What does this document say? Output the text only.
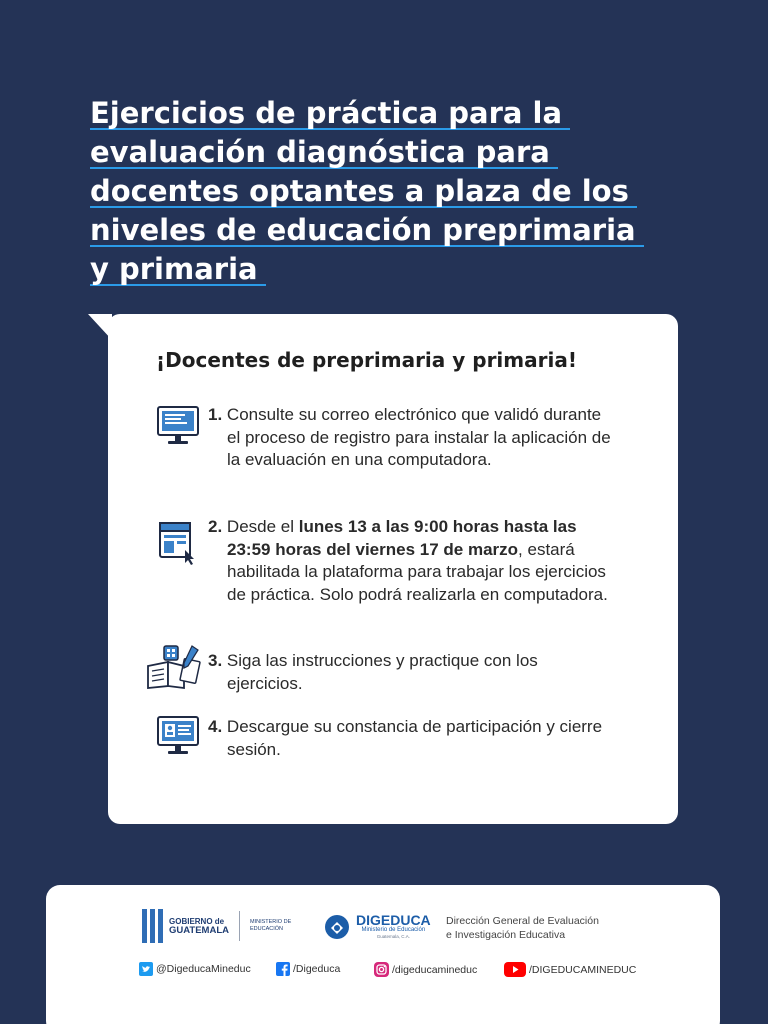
Ejercicios de práctica para la
evaluación diagnóstica para
docentes optantes a plaza de los
niveles de educación preprimaria
y primaria
¡Docentes de preprimaria y primaria!
1. Consulte su correo electrónico que validó durante el proceso de registro para instalar la aplicación de la evaluación en una computadora.
2. Desde el lunes 13 a las 9:00 horas hasta las 23:59 horas del viernes 17 de marzo, estará habilitada la plataforma para trabajar los ejercicios de práctica. Solo podrá realizarla en computadora.
3. Siga las instrucciones y practique con los ejercicios.
4. Descargue su constancia de participación y cierre sesión.
GOBIERNO de
GUATEMALA
MINISTERIO DE EDUCACIÓN
DIGEDUCA
Ministerio de Educación
Guatemala, C.A.
Dirección General de Evaluación
e Investigación Educativa
@DigeducaMineduc	/Digeduca	/digeducamineduc	/DIGEDUCAMINEDUC
